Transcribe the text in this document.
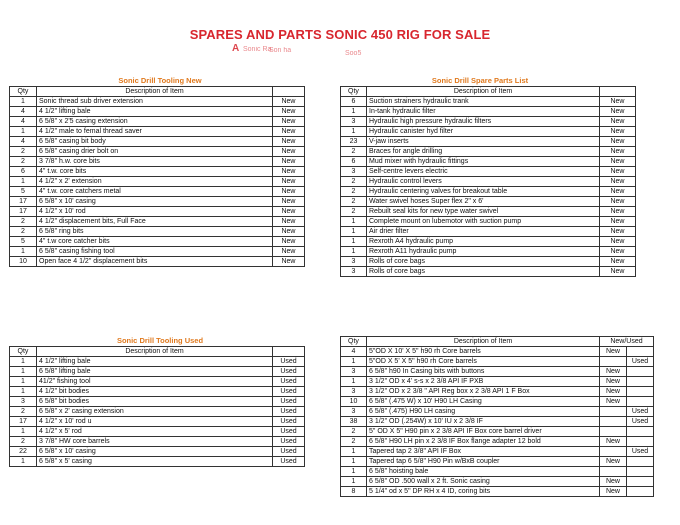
SPARES AND PARTS SONIC 450 RIG FOR SALE
A Sonic Ra
Son ha	Soo5
Sonic Drill Tooling New
Qty	Description of Item	
1	Sonic thread sub driver extension	New
4	4 1/2" lifting bale	New
4	6 5/8" x 2'5 casing extension	New
1	4 1/2" male to femal thread saver	New
4	6 5/8" casing bit body	New
2	6 5/8" casing drier bolt on	New
2	3 7/8" h.w. core bits	New
6	4" t.w. core bits	New
1	4 1/2" x 2' extension	New
5	4" t.w. core catchers metal	New
17	6 5/8" x 10' casing	New
17	4 1/2" x 10' rod	New
2	4 1/2" displacement bits, Full Face	New
2	6 5/8" ring bits	New
5	4" t.w core catcher bits	New
1	6 5/8" casing fishing tool	New
10	Open face 4 1/2" displacement bits	New
Sonic Drill Spare Parts List
Qty	Description of Item	
6	Suction strainers hydraulic trank	New
1	In-tank hydraulic filter	New
3	Hydraulic high pressure hydraulic filters	New
1	Hydraulic canister hyd filter	New
23	V-jaw inserts	New
2	Braces for angle drilling	New
6	Mud mixer with hydraulic fittings	New
3	Self-centre levers electric	New
2	Hydraulic control levers	New
2	Hydraulic centering valves for breakout table	New
2	Water swivel hoses Super flex 2" x 6'	New
2	Rebuilt seal kits for new type water swivel	New
1	Complete mount on lubemotor with suction pump	New
1	Air drier filter	New
1	Rexroth A4 hydraulic pump	New
1	Rexroth A11 hydraulic pump	New
3	Rolls of core bags	New
3	Rolls of core bags	New
Sonic Drill Tooling Used
Qty	Description of Item	
1	4 1/2" lifting bale	Used
1	6 5/8" lifting bale	Used
1	41/2" fishing tool	Used
1	4 1/2" bit bodies	Used
3	6 5/8" bit bodies	Used
2	6 5/8" x 2' casing extension	Used
17	4 1/2" x 10' rod u	Used
1	4 1/2" x 5' rod	Used
2	3 7/8" HW core barrels	Used
22	6 5/8" x 10' casing	Used
1	6 5/8" x 5' casing	Used
Qty	Description of Item	New/Used	
4	5"OD X 10' X 5" h90 rh Core barrels	New	
1	5"OD X 5' X 5" h90 rh Core barrels		Used
3	6 5/8" h90 In Casing bits with buttons	New	
1	3 1/2" OD x 4' s-s x 2 3/8 API IF PXB	New	
3	3 1/2" OD x 2 3/8 " API Reg box x 2 3/8 API 1 F Box	New	
10	6 5/8" (.475 W) x 10' H90 LH Casing	New	
3	6 5/8" (.475) H90 LH casing		Used
38	3 1/2" OD (.254W) x 10' IU x 2 3/8 IF		Used
2	5" OD X 5" H90 pin x 2 3/8 API IF Box core barrel driver		
2	6 5/8" H90 LH pin x 2 3/8 IF Box flange adapter 12 bold	New	
1	Tapered tap 2 3/8" API IF Box		Used
1	Tapered tap 6 5/8" H90 Pin w/BxB coupler	New	
1	6 5/8" hoisting bale		
1	6 5/8" OD .500 wall x 2 ft. Sonic casing	New	
8	5 1/4" od x 5" DP RH x 4 ID, coring bits	New	
